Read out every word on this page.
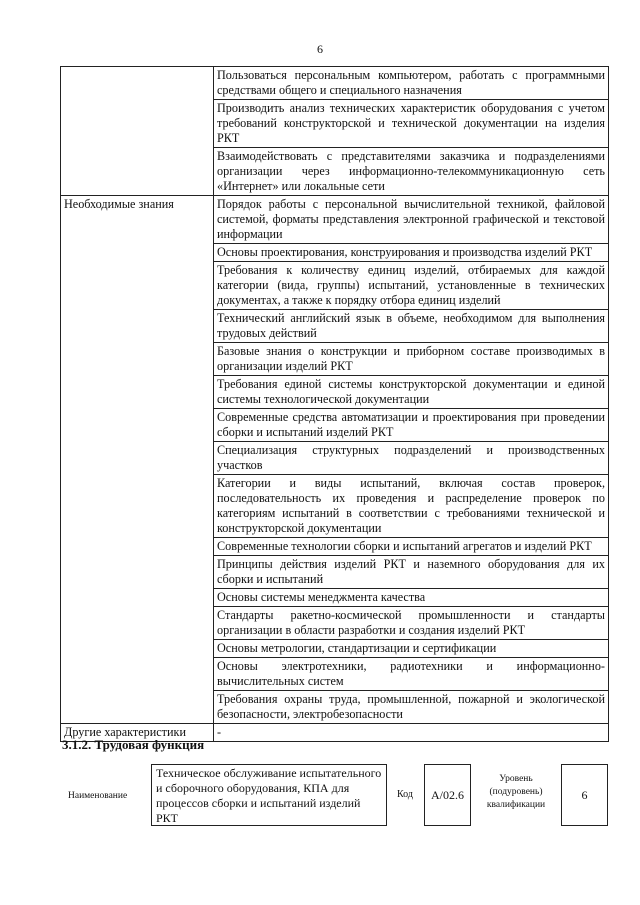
6
	Пользоваться персональным компьютером, работать с программными средствами общего и специального назначения
	Производить анализ технических характеристик оборудования с учетом требований конструкторской и технической документации на изделия РКТ
	Взаимодействовать с представителями заказчика и подразделениями организации через информационно-телекоммуникационную сеть «Интернет» или локальные сети
Необходимые знания	Порядок работы с персональной вычислительной техникой, файловой системой, форматы представления электронной графической и текстовой информации
	Основы проектирования, конструирования и производства изделий РКТ
	Требования к количеству единиц изделий, отбираемых для каждой категории (вида, группы) испытаний, установленные в технических документах, а также к порядку отбора единиц изделий
	Технический английский язык в объеме, необходимом для выполнения трудовых действий
	Базовые знания о конструкции и приборном составе производимых в организации изделий РКТ
	Требования единой системы конструкторской документации и единой системы технологической документации
	Современные средства автоматизации и проектирования при проведении сборки и испытаний изделий РКТ
	Специализация структурных подразделений и производственных участков
	Категории и виды испытаний, включая состав проверок, последовательность их проведения и распределение проверок по категориям испытаний в соответствии с требованиями технической и конструкторской документации
	Современные технологии сборки и испытаний агрегатов и изделий РКТ
	Принципы действия изделий РКТ и наземного оборудования для их сборки и испытаний
	Основы системы менеджмента качества
	Стандарты ракетно-космической промышленности и стандарты организации в области разработки и создания изделий РКТ
	Основы метрологии, стандартизации и сертификации
	Основы электротехники, радиотехники и информационно-вычислительных систем
	Требования охраны труда, промышленной, пожарной и экологической безопасности, электробезопасности
Другие характеристики	-
3.1.2. Трудовая функция
Наименование
Техническое обслуживание испытательного и сборочного оборудования, КПА для процессов сборки и испытаний изделий РКТ
Код	А/02.6
Уровень (подуровень) квалификации
6
